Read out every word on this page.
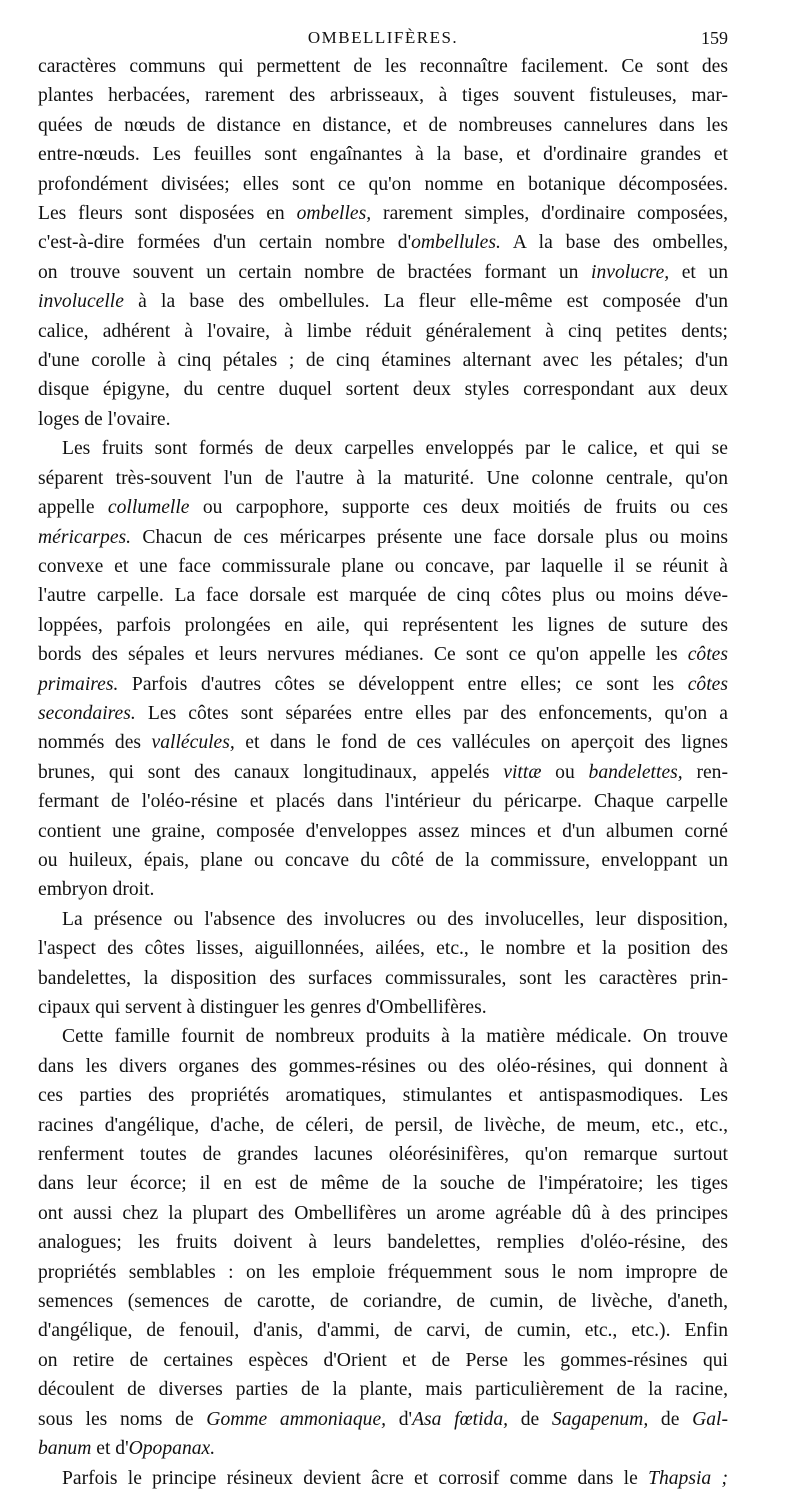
OMBELLIFÈRES.	159
caractères communs qui permettent de les reconnaître facilement. Ce sont des
plantes herbacées, rarement des arbrisseaux, à tiges souvent fistuleuses, mar-
quées de nœuds de distance en distance, et de nombreuses cannelures dans les
entre-nœuds. Les feuilles sont engaînantes à la base, et d'ordinaire grandes et
profondément divisées; elles sont ce qu'on nomme en botanique décomposées.
Les fleurs sont disposées en ombelles, rarement simples, d'ordinaire composées,
c'est-à-dire formées d'un certain nombre d'ombellules. A la base des ombelles,
on trouve souvent un certain nombre de bractées formant un involucre, et un
involucelle à la base des ombellules. La fleur elle-même est composée d'un
calice, adhérent à l'ovaire, à limbe réduit généralement à cinq petites dents;
d'une corolle à cinq pétales ; de cinq étamines alternant avec les pétales; d'un
disque épigyne, du centre duquel sortent deux styles correspondant aux deux
loges de l'ovaire.
Les fruits sont formés de deux carpelles enveloppés par le calice, et qui se
séparent très-souvent l'un de l'autre à la maturité. Une colonne centrale, qu'on
appelle collumelle ou carpophore, supporte ces deux moitiés de fruits ou ces
méricarpes. Chacun de ces méricarpes présente une face dorsale plus ou moins
convexe et une face commissurale plane ou concave, par laquelle il se réunit à
l'autre carpelle. La face dorsale est marquée de cinq côtes plus ou moins déve-
loppées, parfois prolongées en aile, qui représentent les lignes de suture des
bords des sépales et leurs nervures médianes. Ce sont ce qu'on appelle les côtes
primaires. Parfois d'autres côtes se développent entre elles; ce sont les côtes
secondaires. Les côtes sont séparées entre elles par des enfoncements, qu'on a
nommés des vallécules, et dans le fond de ces vallécules on aperçoit des lignes
brunes, qui sont des canaux longitudinaux, appelés vittæ ou bandelettes, ren-
fermant de l'oléo-résine et placés dans l'intérieur du péricarpe. Chaque carpelle
contient une graine, composée d'enveloppes assez minces et d'un albumen corné
ou huileux, épais, plane ou concave du côté de la commissure, enveloppant un
embryon droit.
La présence ou l'absence des involucres ou des involucelles, leur disposition,
l'aspect des côtes lisses, aiguillonnées, ailées, etc., le nombre et la position des
bandelettes, la disposition des surfaces commissurales, sont les caractères prin-
cipaux qui servent à distinguer les genres d'Ombellifères.
Cette famille fournit de nombreux produits à la matière médicale. On trouve
dans les divers organes des gommes-résines ou des oléo-résines, qui donnent à
ces parties des propriétés aromatiques, stimulantes et antispasmodiques. Les
racines d'angélique, d'ache, de céleri, de persil, de livèche, de meum, etc., etc.,
renferment toutes de grandes lacunes oléorésinifères, qu'on remarque surtout
dans leur écorce; il en est de même de la souche de l'impératoire; les tiges
ont aussi chez la plupart des Ombellifères un arome agréable dû à des principes
analogues; les fruits doivent à leurs bandelettes, remplies d'oléo-résine, des
propriétés semblables : on les emploie fréquemment sous le nom impropre de
semences (semences de carotte, de coriandre, de cumin, de livèche, d'aneth,
d'angélique, de fenouil, d'anis, d'ammi, de carvi, de cumin, etc., etc.). Enfin
on retire de certaines espèces d'Orient et de Perse les gommes-résines qui
découlent de diverses parties de la plante, mais particulièrement de la racine,
sous les noms de Gomme ammoniaque, d'Asa fœtida, de Sagapenum, de Gal-
banum et d'Opopanax.
Parfois le principe résineux devient âcre et corrosif comme dans le Thapsia ;
